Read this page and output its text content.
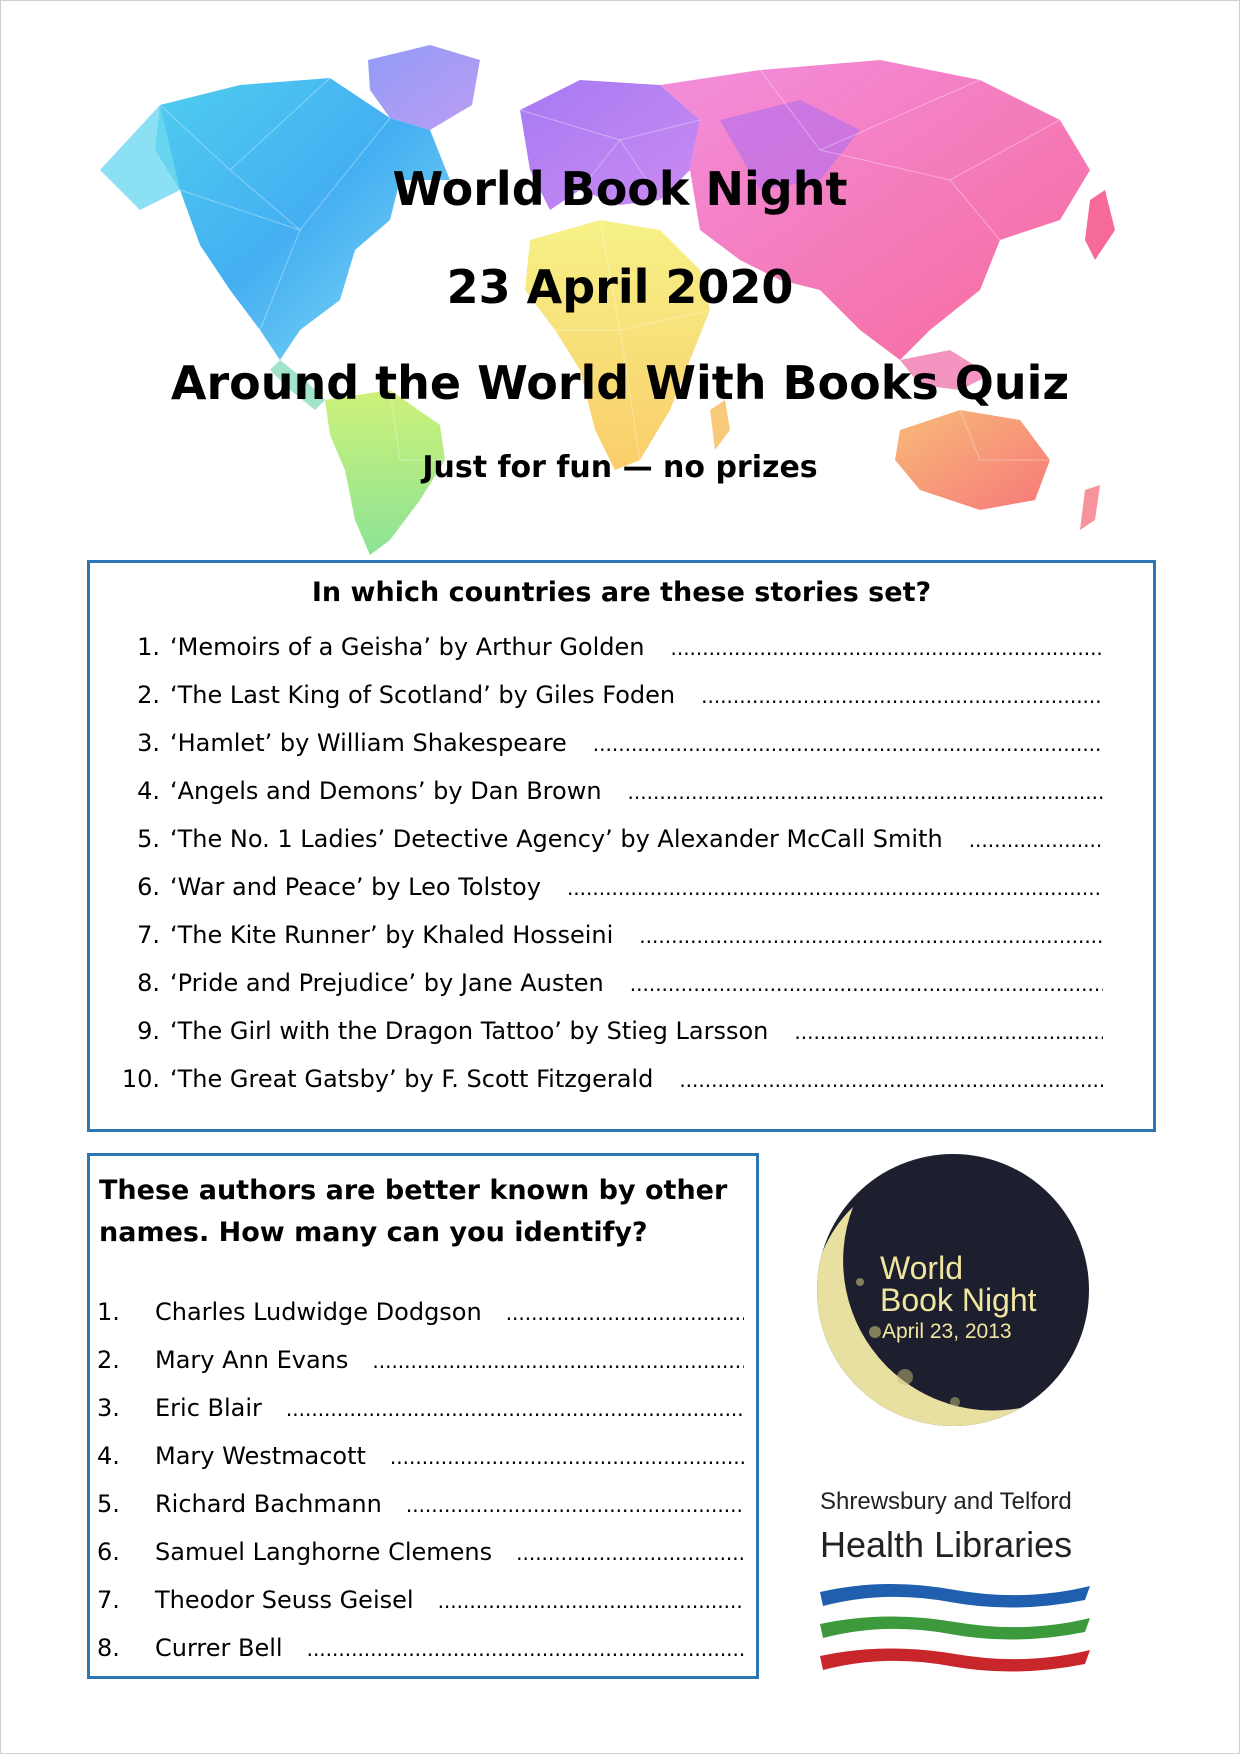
World Book Night
23 April 2020
Around the World With Books Quiz
Just for fun — no prizes
In which countries are these stories set?
1. ‘Memoirs of a Geisha’ by Arthur Golden
.....
2. ‘The Last King of Scotland’ by Giles Foden
.....
3. ‘Hamlet’ by William Shakespeare
.....
4. ‘Angels and Demons’ by Dan Brown
.....
5. ‘The No. 1 Ladies’ Detective Agency’ by Alexander McCall Smith
.....
6. ‘War and Peace’ by Leo Tolstoy
.....
7. ‘The Kite Runner’ by Khaled Hosseini
.....
8. ‘Pride and Prejudice’ by Jane Austen
.....
9. ‘The Girl with the Dragon Tattoo’ by Stieg Larsson
.....
10. ‘The Great Gatsby’ by F. Scott Fitzgerald
.....
These authors are better known by other
names. How many can you identify?
1.	Charles Ludwidge Dodgson
.....
2.	Mary Ann Evans
.....
3.	Eric Blair
.....
4.	Mary Westmacott
.....
5.	Richard Bachmann
.....
6.	Samuel Langhorne Clemens
.....
7.	Theodor Seuss Geisel
.....
8.	Currer Bell
.....
World
Book Night
April 23, 2013
Shrewsbury and Telford
Health Libraries
